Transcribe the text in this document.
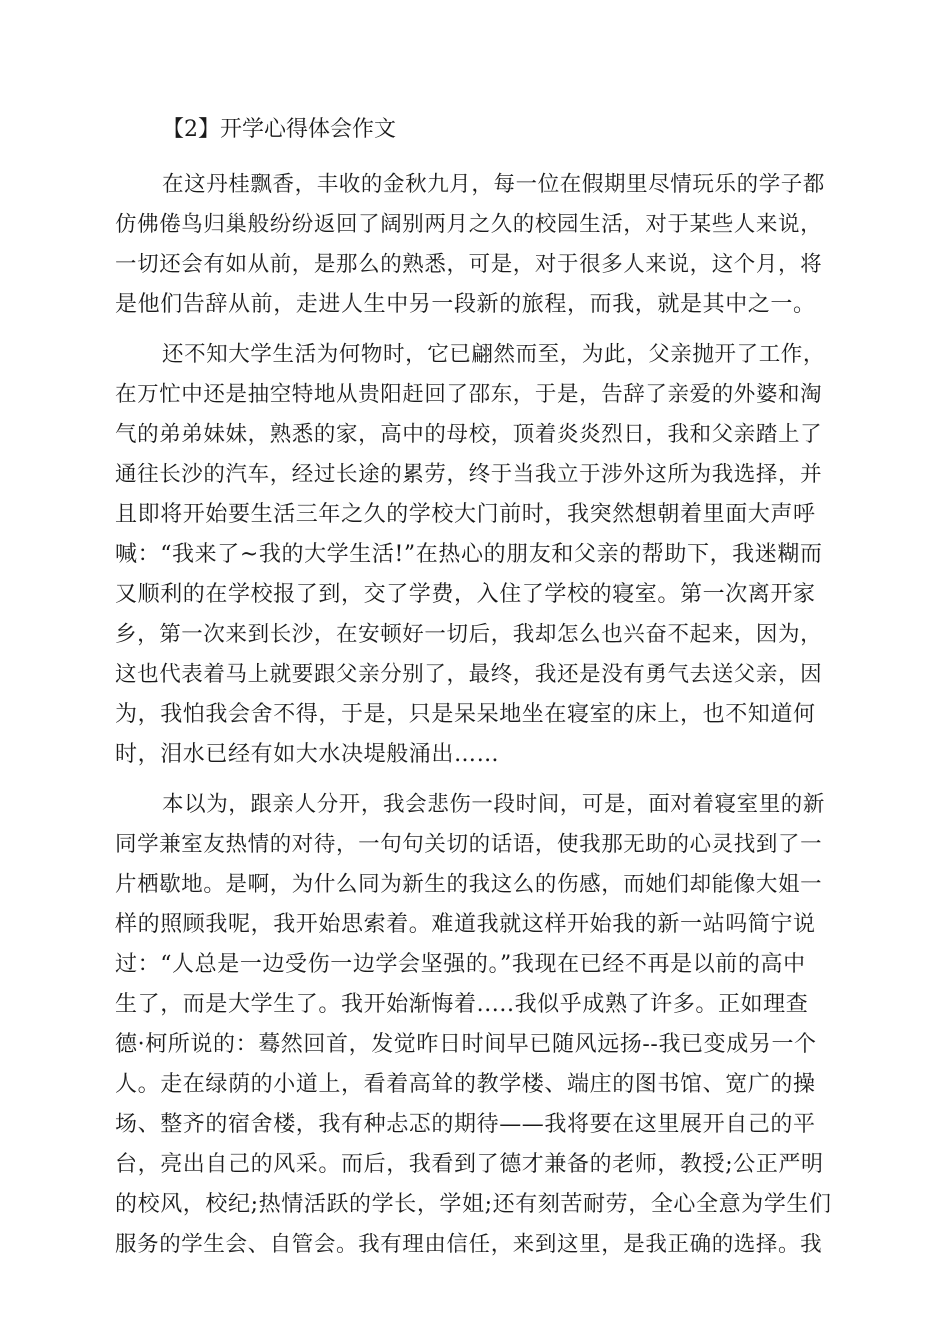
【2】开学心得体会作文
在这丹桂飘香，丰收的金秋九月，每一位在假期里尽情玩乐的学子都
仿佛倦鸟归巢般纷纷返回了阔别两月之久的校园生活，对于某些人来说，
一切还会有如从前，是那么的熟悉，可是，对于很多人来说，这个月，将
是他们告辞从前，走进人生中另一段新的旅程，而我，就是其中之一。
还不知大学生活为何物时，它已翩然而至，为此，父亲抛开了工作，
在万忙中还是抽空特地从贵阳赶回了邵东，于是，告辞了亲爱的外婆和淘
气的弟弟妹妹，熟悉的家，高中的母校，顶着炎炎烈日，我和父亲踏上了
通往长沙的汽车，经过长途的累劳，终于当我立于涉外这所为我选择，并
且即将开始要生活三年之久的学校大门前时，我突然想朝着里面大声呼
喊：“我来了~我的大学生活!”在热心的朋友和父亲的帮助下，我迷糊而
又顺利的在学校报了到，交了学费，入住了学校的寝室。第一次离开家
乡，第一次来到长沙，在安顿好一切后，我却怎么也兴奋不起来，因为，
这也代表着马上就要跟父亲分别了，最终，我还是没有勇气去送父亲，因
为，我怕我会舍不得，于是，只是呆呆地坐在寝室的床上，也不知道何
时，泪水已经有如大水决堤般涌出……
本以为，跟亲人分开，我会悲伤一段时间，可是，面对着寝室里的新
同学兼室友热情的对待，一句句关切的话语，使我那无助的心灵找到了一
片栖歇地。是啊，为什么同为新生的我这么的伤感，而她们却能像大姐一
样的照顾我呢，我开始思索着。难道我就这样开始我的新一站吗简宁说
过：“人总是一边受伤一边学会坚强的。”我现在已经不再是以前的高中
生了，而是大学生了。我开始渐悔着.....我似乎成熟了许多。正如理查
德·柯所说的：蓦然回首，发觉昨日时间早已随风远扬--我已变成另一个
人。走在绿荫的小道上，看着高耸的教学楼、端庄的图书馆、宽广的操
场、整齐的宿舍楼，我有种忐忑的期待——我将要在这里展开自己的平
台，亮出自己的风采。而后，我看到了德才兼备的老师，教授;公正严明
的校风，校纪;热情活跃的学长，学姐;还有刻苦耐劳，全心全意为学生们
服务的学生会、自管会。我有理由信任，来到这里，是我正确的选择。我
